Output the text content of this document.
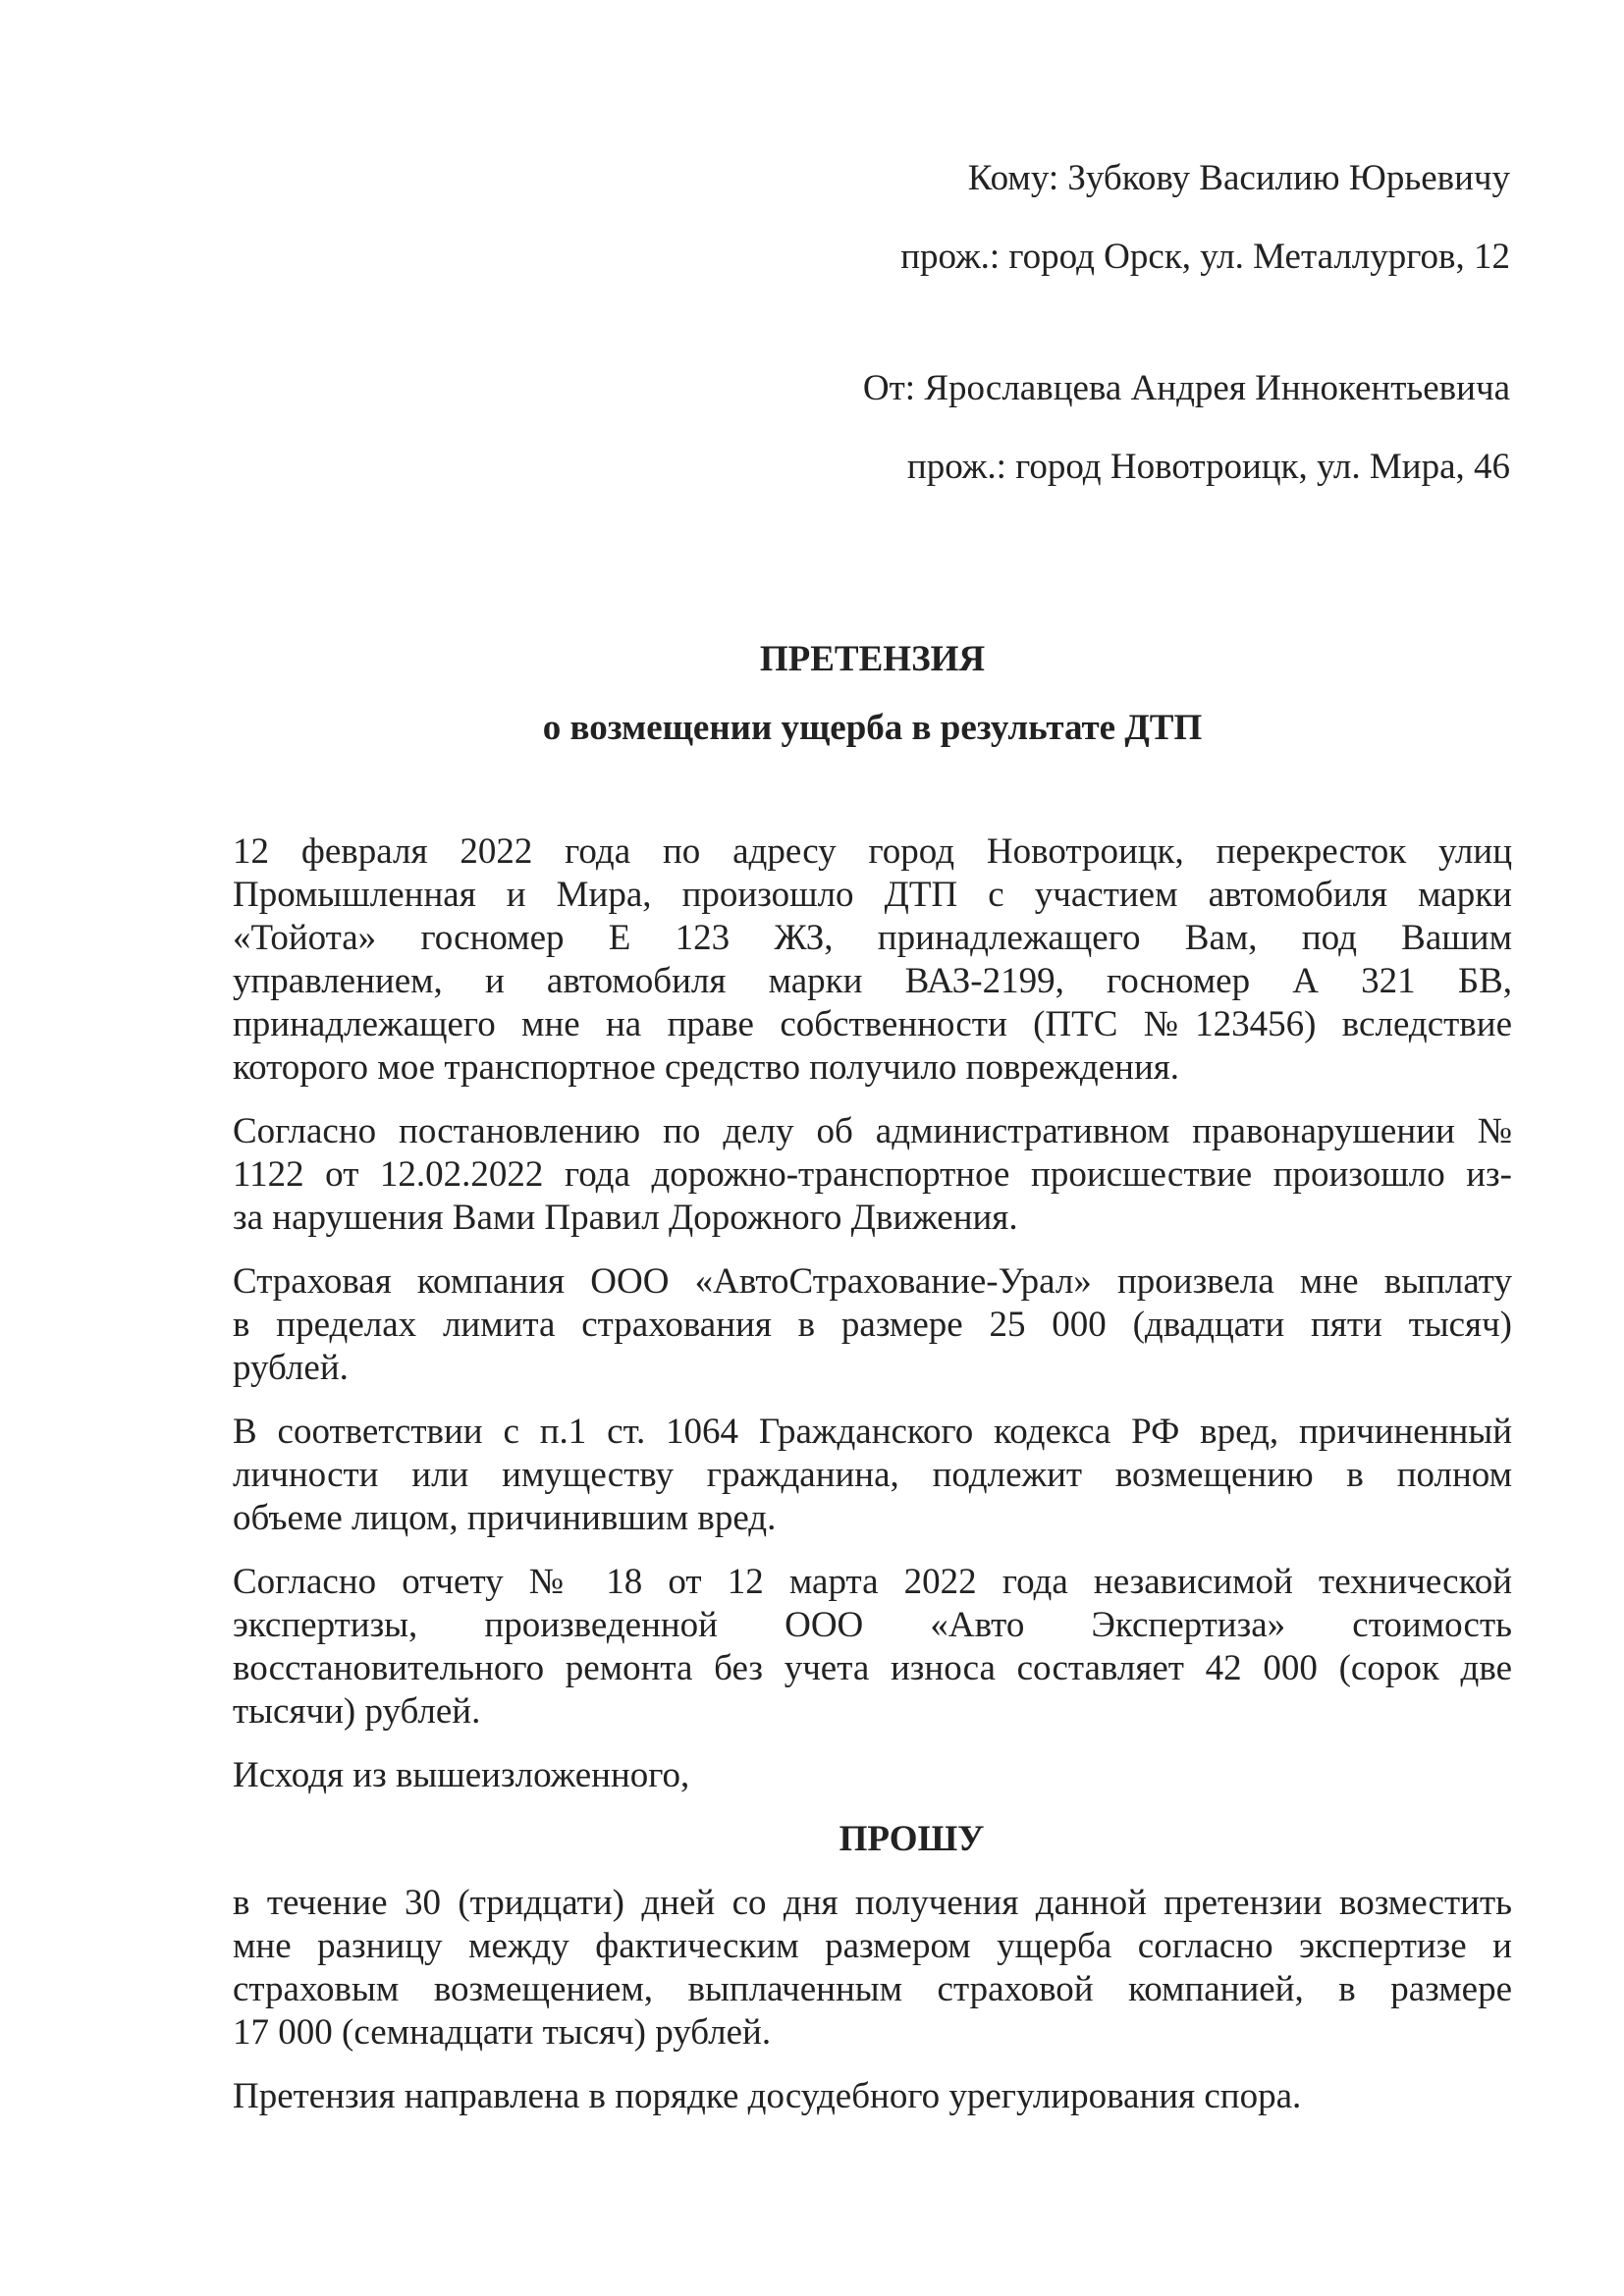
Кому: Зубкову Василию Юрьевичу
прож.: город Орск, ул. Металлургов, 12
От: Ярославцева Андрея Иннокентьевича
прож.: город Новотроицк, ул. Мира, 46
ПРЕТЕНЗИЯ
о возмещении ущерба в результате ДТП
12 февраля 2022 года по адресу город Новотроицк, перекресток улиц
Промышленная и Мира, произошло ДТП с участием автомобиля марки
«Тойота» госномер Е 123 ЖЗ, принадлежащего Вам, под Вашим
управлением, и автомобиля марки ВАЗ-2199, госномер А 321 БВ,
принадлежащего мне на праве собственности (ПТС №123456) вследствие
которого мое транспортное средство получило повреждения.
Согласно постановлению по делу об административном правонарушении №
1122 от 12.02.2022 года дорожно-транспортное происшествие произошло из-
за нарушения Вами Правил Дорожного Движения.
Страховая компания ООО «АвтоСтрахование-Урал» произвела мне выплату
в пределах лимита страхования в размере 25 000 (двадцати пяти тысяч)
рублей.
В соответствии с п.1 ст. 1064 Гражданского кодекса РФ вред, причиненный
личности или имуществу гражданина, подлежит возмещению в полном
объеме лицом, причинившим вред.
Согласно отчету № 18 от 12 марта 2022 года независимой технической
экспертизы, произведенной ООО «Авто Экспертиза» стоимость
восстановительного ремонта без учета износа составляет 42 000 (сорок две
тысячи) рублей.
Исходя из вышеизложенного,
ПРОШУ
в течение 30 (тридцати) дней со дня получения данной претензии возместить
мне разницу между фактическим размером ущерба согласно экспертизе и
страховым возмещением, выплаченным страховой компанией, в размере
17 000 (семнадцати тысяч) рублей.
Претензия направлена в порядке досудебного урегулирования спора.
